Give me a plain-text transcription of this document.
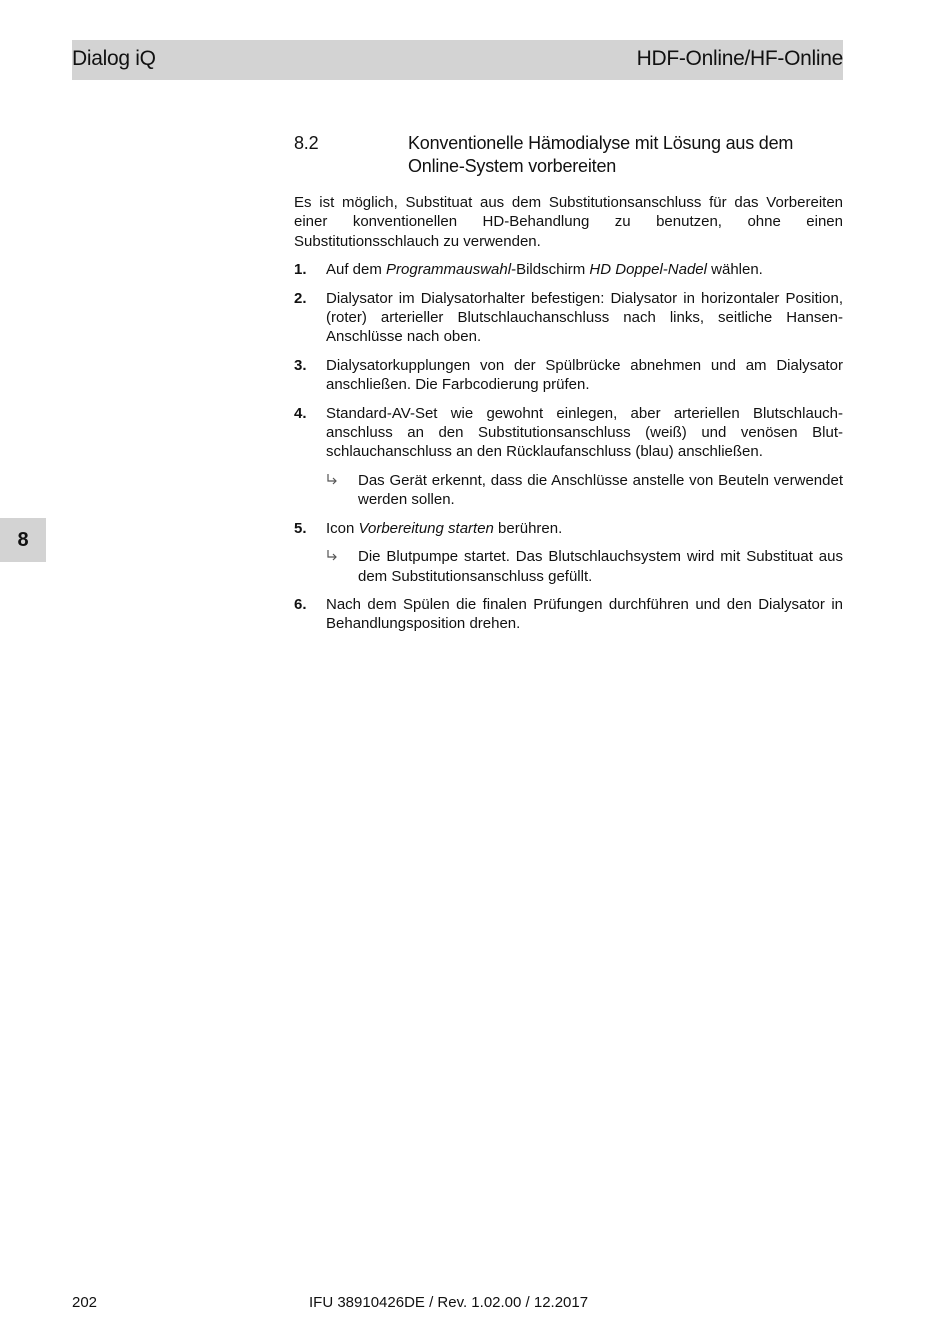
Dialog iQ	HDF-Online/HF-Online
8
8.2	Konventionelle Hämodialyse mit Lösung aus dem Online-System vorbereiten
Es ist möglich, Substituat aus dem Substitutionsanschluss für das Vorbereiten einer konventionellen HD-Behandlung zu benutzen, ohne einen Substitutionsschlauch zu verwenden.
1.	Auf dem Programmauswahl-Bildschirm HD Doppel-Nadel wählen.
2.	Dialysator im Dialysatorhalter befestigen: Dialysator in horizontaler Position, (roter) arterieller Blutschlauchanschluss nach links, seitliche Hansen-Anschlüsse nach oben.
3.	Dialysatorkupplungen von der Spülbrücke abnehmen und am Dialysator anschließen. Die Farbcodierung prüfen.
4.	Standard-AV-Set wie gewohnt einlegen, aber arteriellen Blutschlauch-anschluss an den Substitutionsanschluss (weiß) und venösen Blut-schlauchanschluss an den Rücklaufanschluss (blau) anschließen.
Das Gerät erkennt, dass die Anschlüsse anstelle von Beuteln verwendet werden sollen.
5.	Icon Vorbereitung starten berühren.
Die Blutpumpe startet. Das Blutschlauchsystem wird mit Substituat aus dem Substitutionsanschluss gefüllt.
6.	Nach dem Spülen die finalen Prüfungen durchführen und den Dialysator in Behandlungsposition drehen.
202	IFU 38910426DE / Rev. 1.02.00 / 12.2017
